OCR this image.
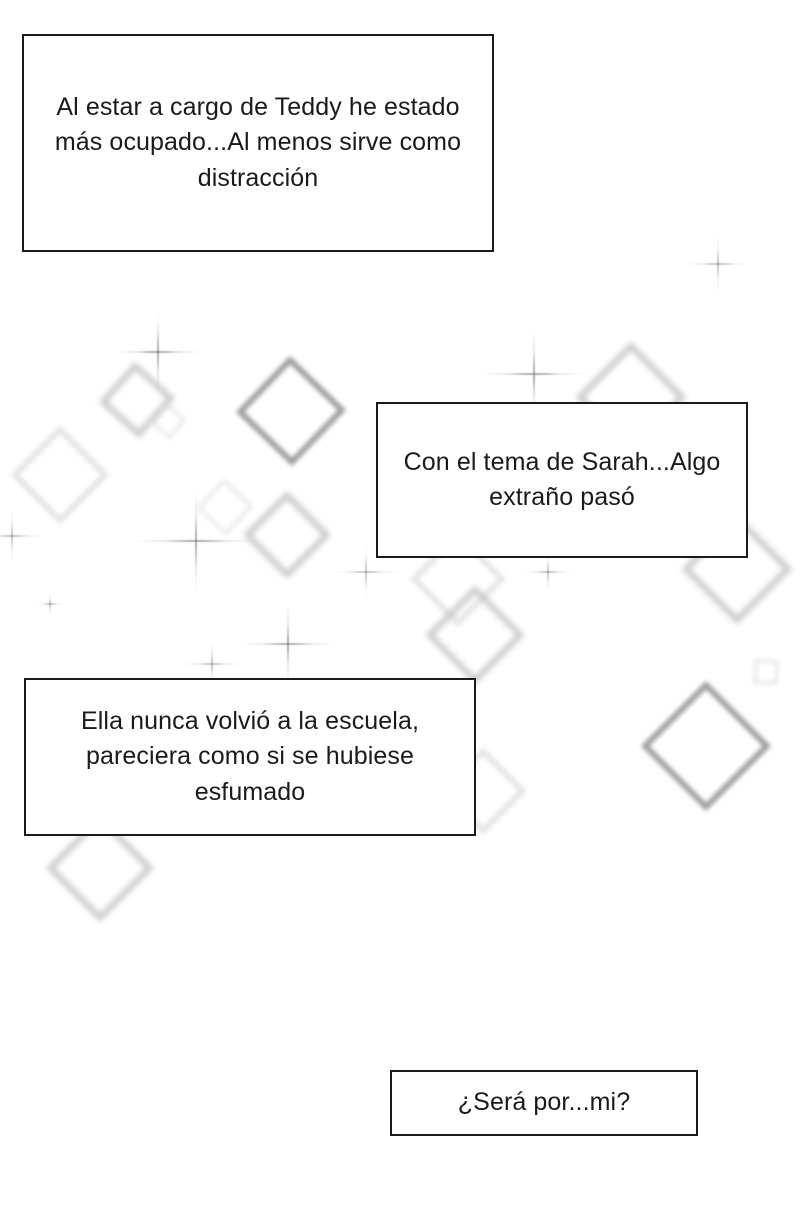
Al estar a cargo de Teddy he estado más ocupado...Al menos sirve como distracción
Con el tema de Sarah...Algo extraño pasó
Ella nunca volvió a la escuela, pareciera como si se hubiese esfumado
¿Será por...mi?
